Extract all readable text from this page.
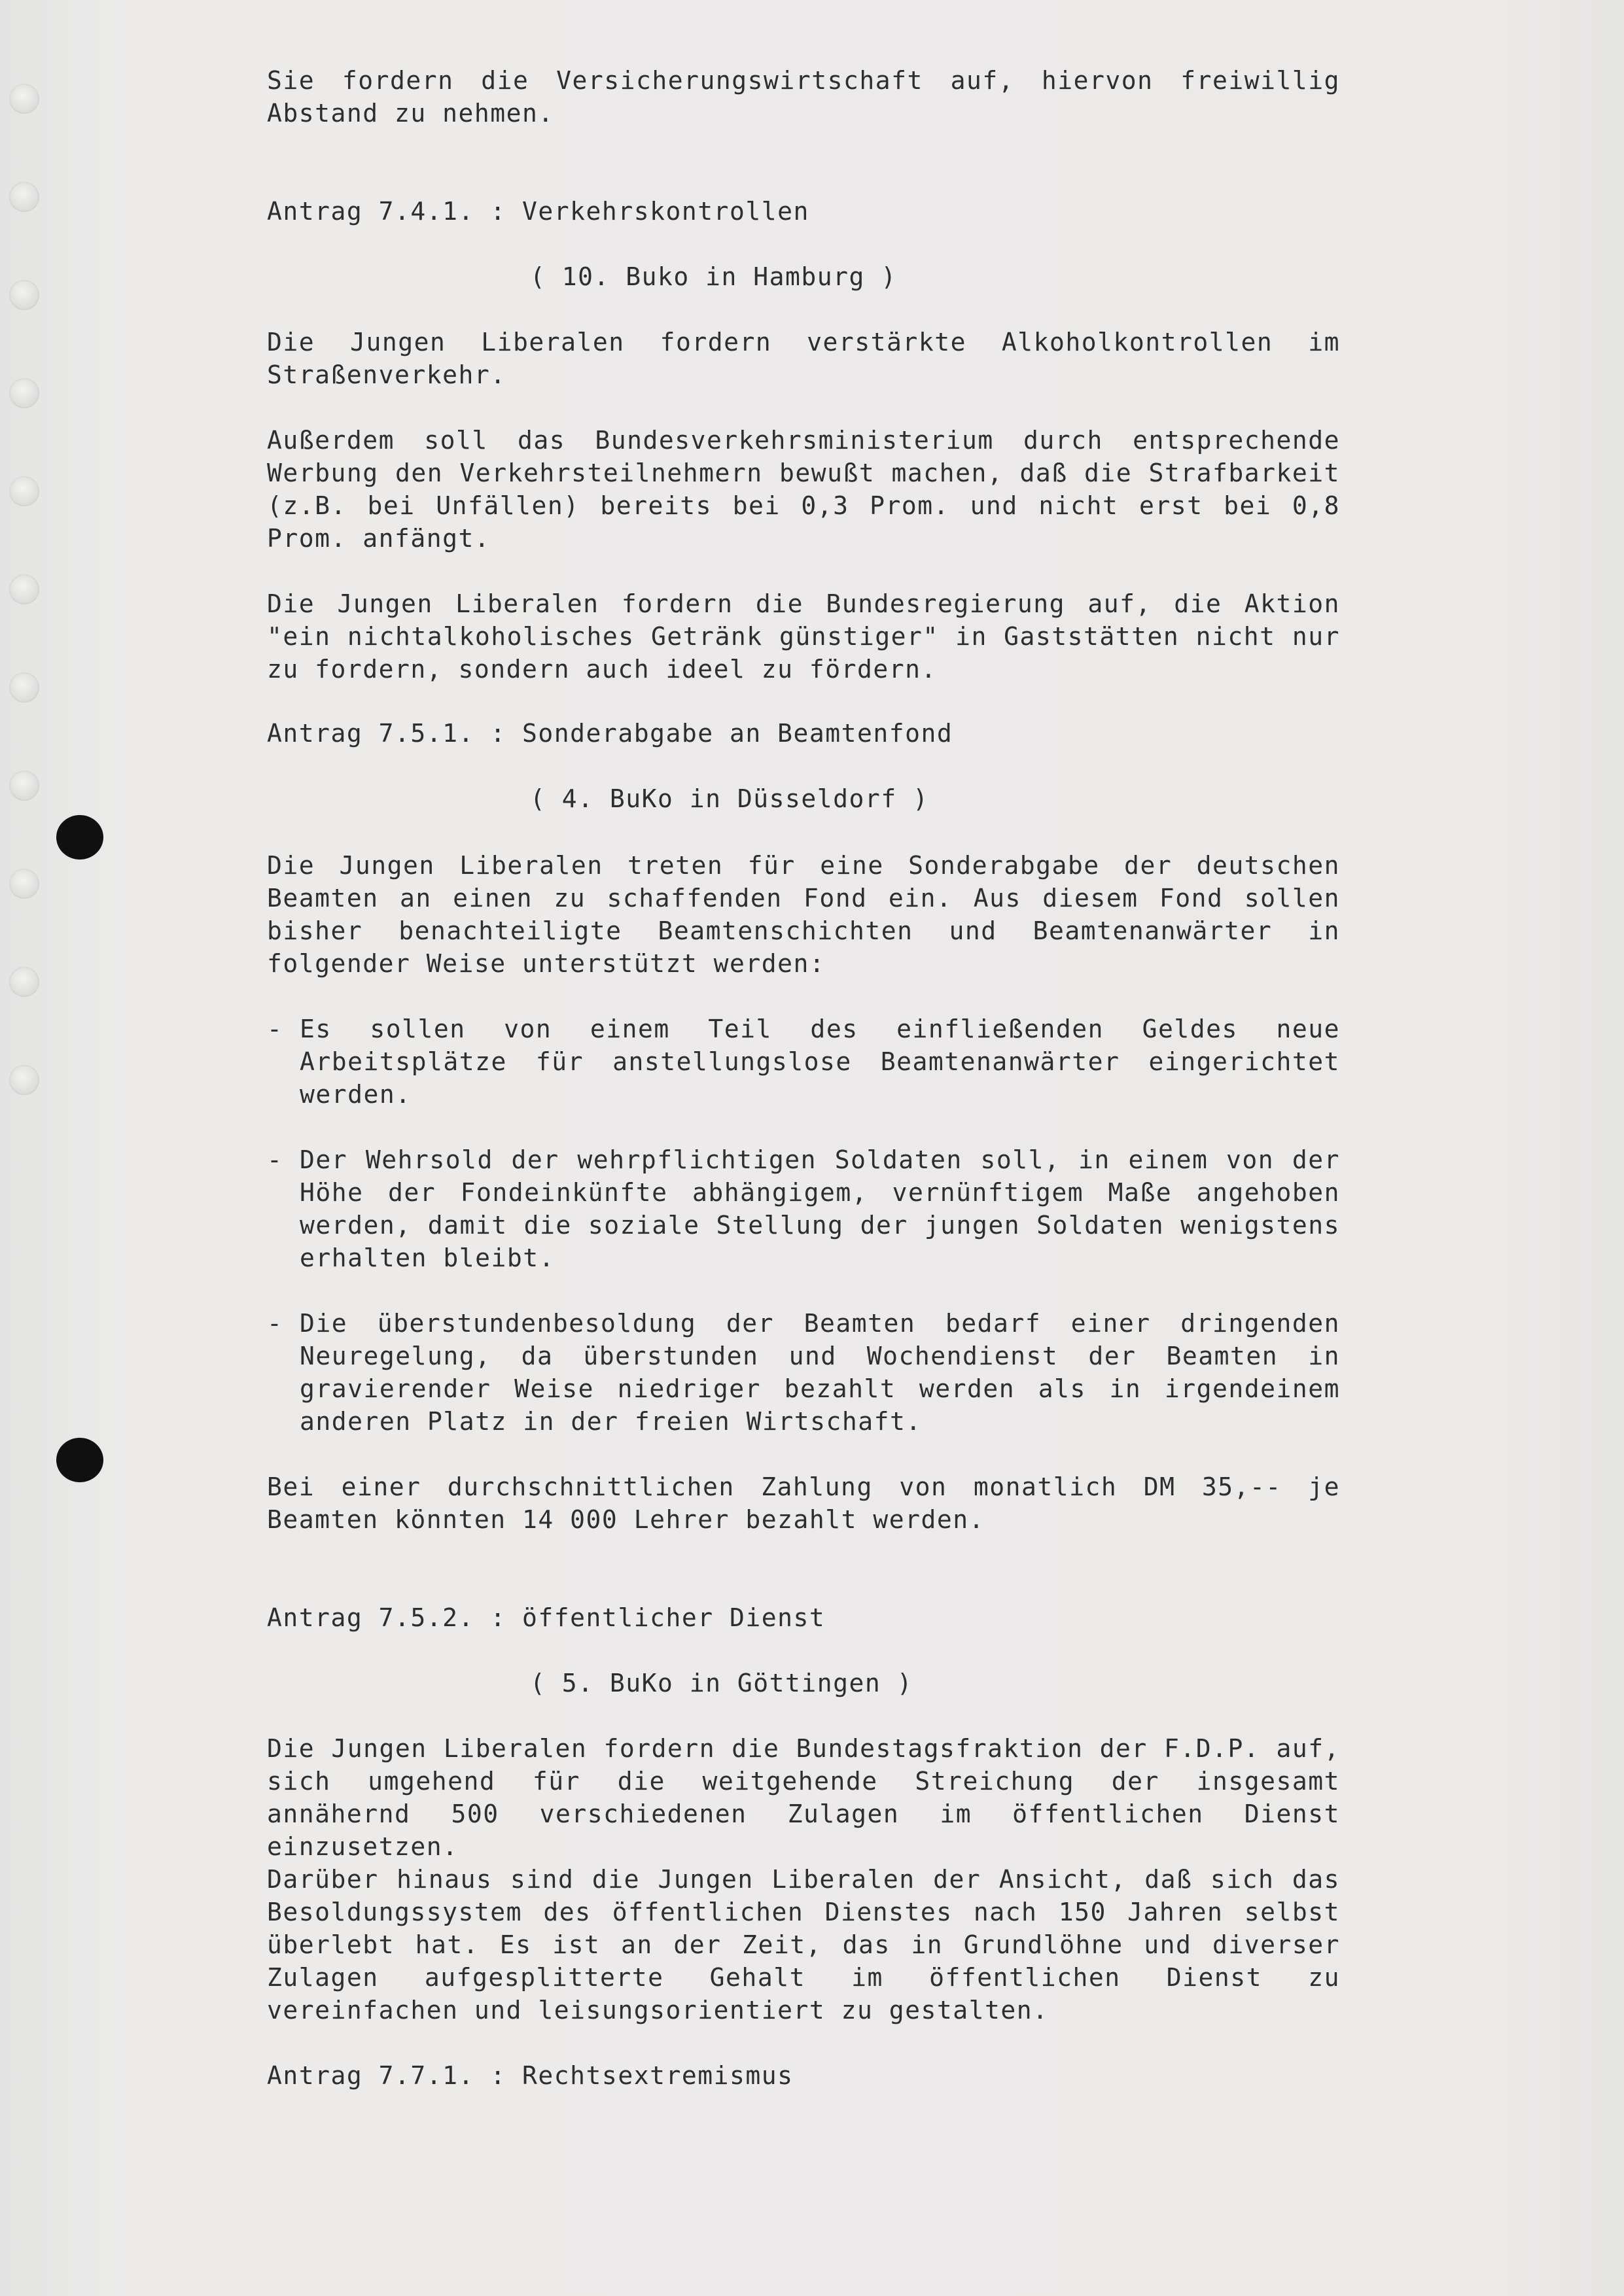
Sie fordern die Versicherungswirtschaft auf, hiervon freiwillig Abstand zu nehmen.

Antrag 7.4.1. : Verkehrskontrollen
( 10. Buko in Hamburg )

Die Jungen Liberalen fordern verstärkte Alkoholkontrollen im Straßenverkehr.

Außerdem soll das Bundesverkehrsministerium durch entsprechende Werbung den Verkehrsteilnehmern bewußt machen, daß die Strafbarkeit (z.B. bei Unfällen) bereits bei 0,3 Prom. und nicht erst bei 0,8 Prom. anfängt.

Die Jungen Liberalen fordern die Bundesregierung auf, die Aktion "ein nichtalkoholisches Getränk günstiger" in Gaststätten nicht nur zu fordern, sondern auch ideel zu fördern.

Antrag 7.5.1. : Sonderabgabe an Beamtenfond
( 4. BuKo in Düsseldorf )

Die Jungen Liberalen treten für eine Sonderabgabe der deutschen Beamten an einen zu schaffenden Fond ein. Aus diesem Fond sollen bisher benachteiligte Beamtenschichten und Beamtenanwärter in folgender Weise unterstützt werden:

- Es sollen von einem Teil des einfließenden Geldes neue Arbeitsplätze für anstellungslose Beamtenanwärter eingerichtet werden.
- Der Wehrsold der wehrpflichtigen Soldaten soll, in einem von der Höhe der Fondeinkünfte abhängigem, vernünftigem Maße angehoben werden, damit die soziale Stellung der jungen Soldaten wenigstens erhalten bleibt.
- Die überstundenbesoldung der Beamten bedarf einer dringenden Neuregelung, da überstunden und Wochendienst der Beamten in gravierender Weise niedriger bezahlt werden als in irgendeinem anderen Platz in der freien Wirtschaft.

Bei einer durchschnittlichen Zahlung von monatlich DM 35,-- je Beamten könnten 14 000 Lehrer bezahlt werden.

Antrag 7.5.2. : öffentlicher Dienst
( 5. BuKo in Göttingen )

Die Jungen Liberalen fordern die Bundestagsfraktion der F.D.P. auf, sich umgehend für die weitgehende Streichung der insgesamt annähernd 500 verschiedenen Zulagen im öffentlichen Dienst einzusetzen.

Darüber hinaus sind die Jungen Liberalen der Ansicht, daß sich das Besoldungssystem des öffentlichen Dienstes nach 150 Jahren selbst überlebt hat. Es ist an der Zeit, das in Grundlöhne und diverser Zulagen aufgesplitterte Gehalt im öffentlichen Dienst zu vereinfachen und leisungsorientiert zu gestalten.

Antrag 7.7.1. : Rechtsextremismus
